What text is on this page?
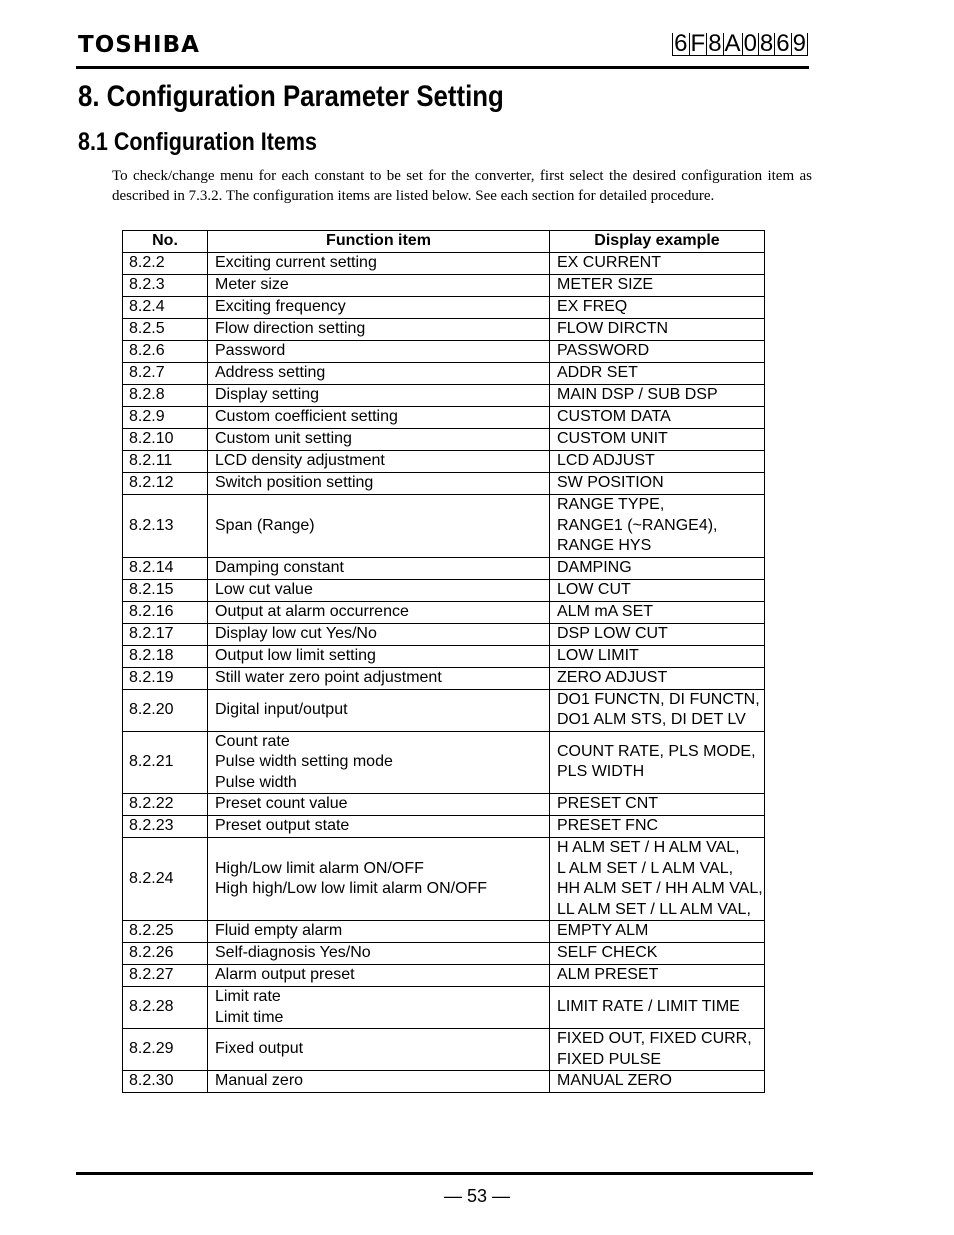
TOSHIBA	6 F 8 A 0 8 6 9
8. Configuration Parameter Setting
8.1 Configuration Items
To check/change menu for each constant to be set for the converter, first select the desired configuration item as described in 7.3.2. The configuration items are listed below. See each section for detailed procedure.
No.	Function item	Display example
8.2.2	Exciting current setting	EX CURRENT

8.2.3	Meter size	METER SIZE

8.2.4	Exciting frequency	EX FREQ

8.2.5	Flow direction setting	FLOW DIRCTN

8.2.6	Password	PASSWORD

8.2.7	Address setting	ADDR SET

8.2.8	Display setting	MAIN DSP / SUB DSP

8.2.9	Custom coefficient setting	CUSTOM DATA

8.2.10	Custom unit setting	CUSTOM UNIT

8.2.11	LCD density adjustment	LCD ADJUST

8.2.12	Switch position setting	SW POSITION

8.2.13	Span (Range)	RANGE TYPE,
RANGE1 (~RANGE4),
RANGE HYS

8.2.14	Damping constant	DAMPING

8.2.15	Low cut value	LOW CUT

8.2.16	Output at alarm occurrence	ALM mA SET

8.2.17	Display low cut Yes/No	DSP LOW CUT

8.2.18	Output low limit setting	LOW LIMIT

8.2.19	Still water zero point adjustment	ZERO ADJUST

8.2.20	Digital input/output	DO1 FUNCTN, DI FUNCTN,
DO1 ALM STS, DI DET LV

8.2.21	Count rate
Pulse width setting mode
Pulse width	COUNT RATE, PLS MODE,
PLS WIDTH

8.2.22	Preset count value	PRESET CNT

8.2.23	Preset output state	PRESET FNC

8.2.24	High/Low limit alarm ON/OFF
High high/Low low limit alarm ON/OFF	H ALM SET / H ALM VAL,
L ALM SET / L ALM VAL,
HH ALM SET / HH ALM VAL,
LL ALM SET / LL ALM VAL,

8.2.25	Fluid empty alarm	EMPTY ALM

8.2.26	Self-diagnosis Yes/No	SELF CHECK

8.2.27	Alarm output preset	ALM PRESET

8.2.28	Limit rate
Limit time	LIMIT RATE / LIMIT TIME

8.2.29	Fixed output	FIXED OUT, FIXED CURR,
FIXED PULSE

8.2.30	Manual zero	MANUAL ZERO
— 53 —
